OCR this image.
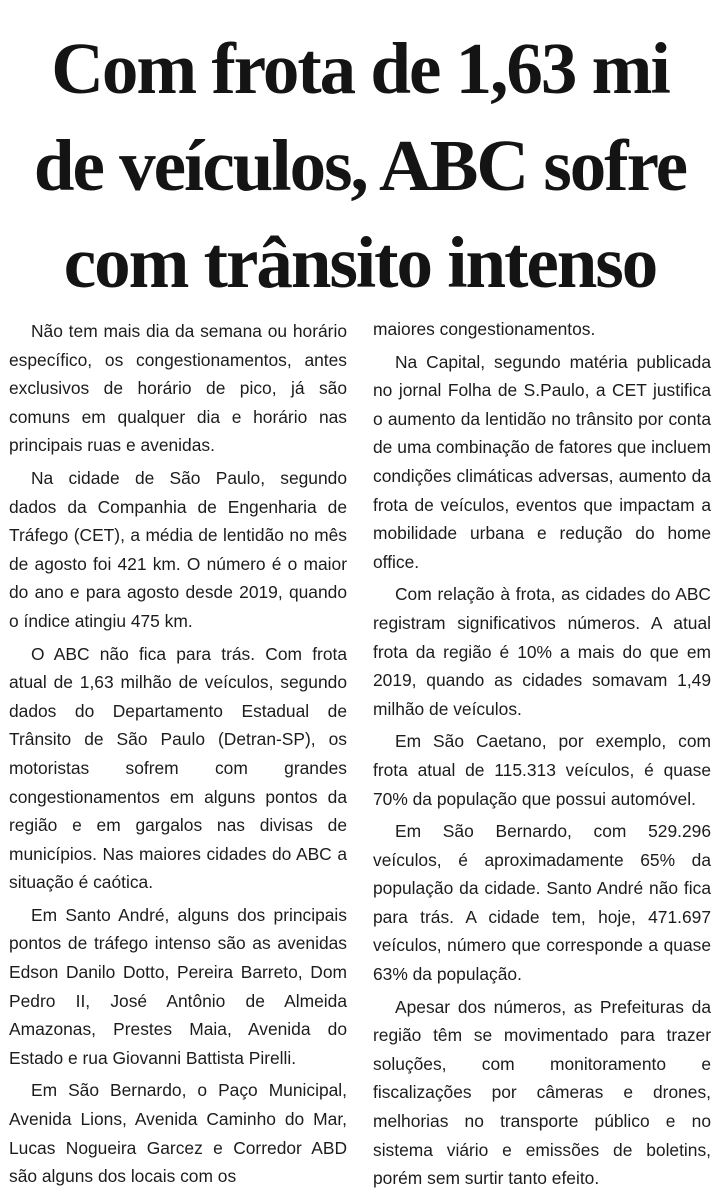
Com frota de 1,63 mi
de veículos, ABC sofre
com trânsito intenso

Não tem mais dia da semana ou horário específico, os congestionamentos, antes exclusivos de horário de pico, já são comuns em qualquer dia e horário nas principais ruas e avenidas.

Na cidade de São Paulo, segundo dados da Companhia de Engenharia de Tráfego (CET), a média de lentidão no mês de agosto foi 421 km. O número é o maior do ano e para agosto desde 2019, quando o índice atingiu 475 km.

O ABC não fica para trás. Com frota atual de 1,63 milhão de veículos, segundo dados do Departamento Estadual de Trânsito de São Paulo (Detran-SP), os motoristas sofrem com grandes congestionamentos em alguns pontos da região e em gargalos nas divisas de municípios. Nas maiores cidades do ABC a situação é caótica.

Em Santo André, alguns dos principais pontos de tráfego intenso são as avenidas Edson Danilo Dotto, Pereira Barreto, Dom Pedro II, José Antônio de Almeida Amazonas, Prestes Maia, Avenida do Estado e rua Giovanni Battista Pirelli.

Em São Bernardo, o Paço Municipal, Avenida Lions, Avenida Caminho do Mar, Lucas Nogueira Garcez e Corredor ABD são alguns dos locais com os

maiores congestionamentos.

Na Capital, segundo matéria publicada no jornal Folha de S.Paulo, a CET justifica o aumento da lentidão no trânsito por conta de uma combinação de fatores que incluem condições climáticas adversas, aumento da frota de veículos, eventos que impactam a mobilidade urbana e redução do home office.

Com relação à frota, as cidades do ABC registram significativos números. A atual frota da região é 10% a mais do que em 2019, quando as cidades somavam 1,49 milhão de veículos.

Em São Caetano, por exemplo, com frota atual de 115.313 veículos, é quase 70% da população que possui automóvel.

Em São Bernardo, com 529.296 veículos, é aproximadamente 65% da população da cidade. Santo André não fica para trás. A cidade tem, hoje, 471.697 veículos, número que corresponde a quase 63% da população.

Apesar dos números, as Prefeituras da região têm se movimentado para trazer soluções, com monitoramento e fiscalizações por câmeras e drones, melhorias no transporte público e no sistema viário e emissões de boletins, porém sem surtir tanto efeito.
